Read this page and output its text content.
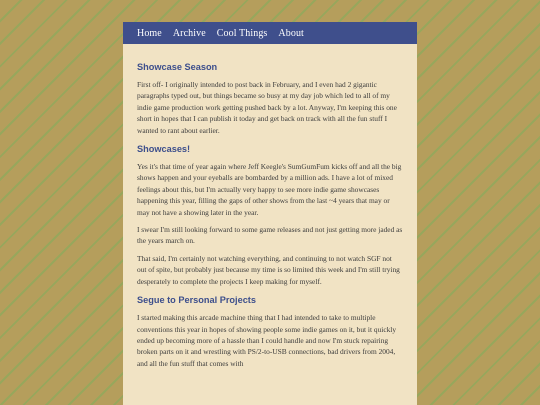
Home Archive Cool Things About
Showcase Season

First off- I originally intended to post back in February, and I even had 2 gigantic paragraphs typed out, but things became so busy at my day job which led to all of my indie game production work getting pushed back by a lot. Anyway, I'm keeping this one short in hopes that I can publish it today and get back on track with all the fun stuff I wanted to rant about earlier.

Showcases!

Yes it's that time of year again where Jeff Keegle's SumGumFum kicks off and all the big shows happen and your eyeballs are bombarded by a million ads. I have a lot of mixed feelings about this, but I'm actually very happy to see more indie game showcases happening this year, filling the gaps of other shows from the last ~4 years that may or may not have a showing later in the year.

I swear I'm still looking forward to some game releases and not just getting more jaded as the years march on.

That said, I'm certainly not watching everything, and continuing to not watch SGF not out of spite, but probably just because my time is so limited this week and I'm still trying desperately to complete the projects I keep making for myself.

Segue to Personal Projects

I started making this arcade machine thing that I had intended to take to multiple conventions this year in hopes of showing people some indie games on it, but it quickly ended up becoming more of a hassle than I could handle and now I'm stuck repairing broken parts on it and wrestling with PS/2-to-USB connections, bad drivers from 2004, and all the fun stuff that comes with
